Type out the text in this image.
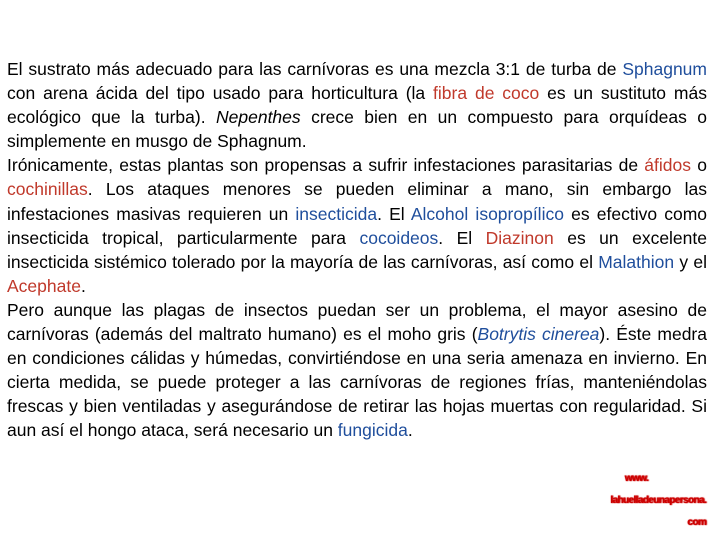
El sustrato más adecuado para las carnívoras es una mezcla 3:1 de turba de Sphagnum con arena ácida del tipo usado para horticultura (la fibra de coco es un sustituto más ecológico que la turba). Nepenthes crece bien en un compuesto para orquídeas o simplemente en musgo de Sphagnum.

Irónicamente, estas plantas son propensas a sufrir infestaciones parasitarias de áfidos o cochinillas. Los ataques menores se pueden eliminar a mano, sin embargo las infestaciones masivas requieren un insecticida. El Alcohol isopropílico es efectivo como insecticida tropical, particularmente para cocoideos. El Diazinon es un excelente insecticida sistémico tolerado por la mayoría de las carnívoras, así como el Malathion y el Acephate.

Pero aunque las plagas de insectos puedan ser un problema, el mayor asesino de carnívoras (además del maltrato humano) es el moho gris (Botrytis cinerea). Éste medra en condiciones cálidas y húmedas, convirtiéndose en una seria amenaza en invierno. En cierta medida, se puede proteger a las carnívoras de regiones frías, manteniéndolas frescas y bien ventiladas y asegurándose de retirar las hojas muertas con regularidad. Si aun así el hongo ataca, será necesario un fungicida.

www.
lahuelladeunapersona.
com
